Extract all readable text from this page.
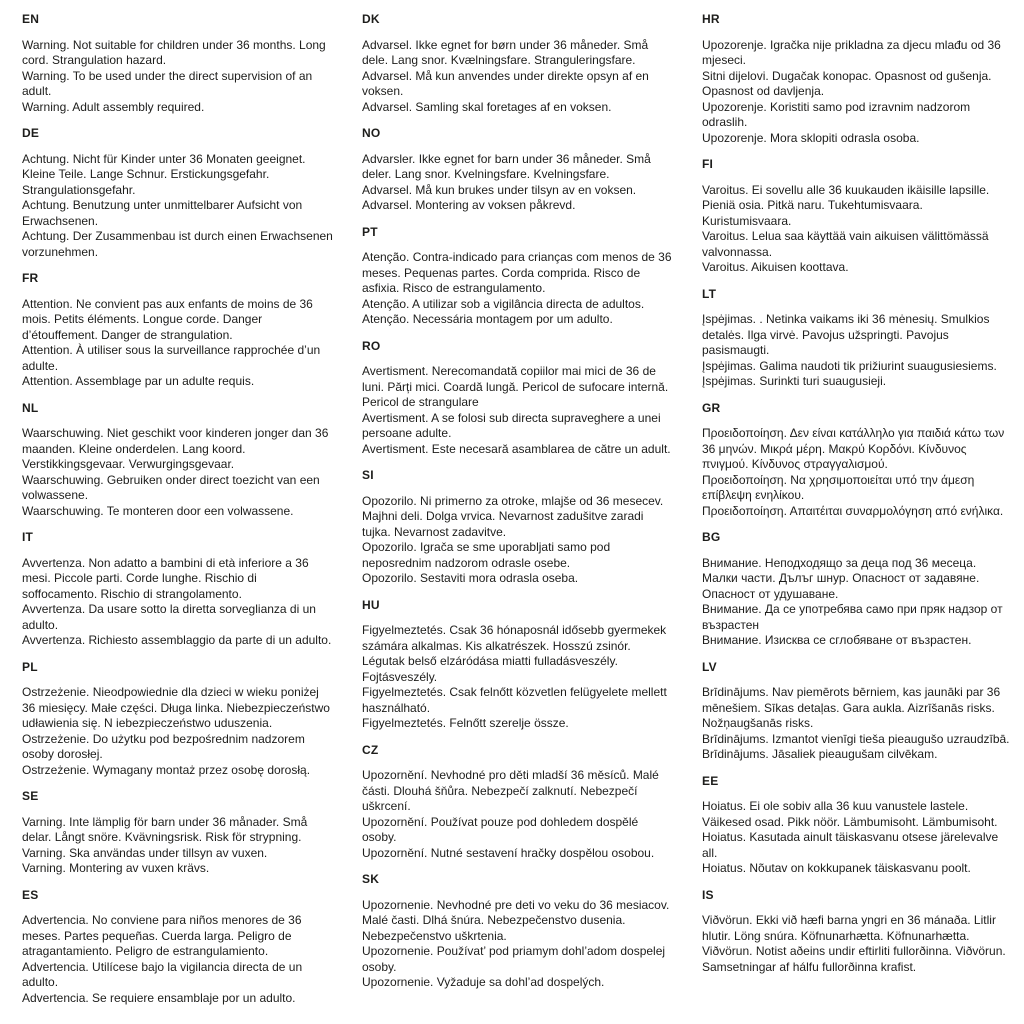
EN

Warning. Not suitable for children under 36 months. Long cord. Strangulation hazard.

Warning. To be used under the direct supervision of an adult.

Warning. Adult assembly required.

DE

Achtung. Nicht für Kinder unter 36 Monaten geeignet. Kleine Teile. Lange Schnur. Erstickungsgefahr. Strangulationsgefahr.

Achtung. Benutzung unter unmittelbarer Aufsicht von Erwachsenen.

Achtung. Der Zusammenbau ist durch einen Erwachsenen vorzunehmen.

FR

Attention. Ne convient pas aux enfants de moins de 36 mois. Petits éléments. Longue corde. Danger d’étouffement. Danger de strangulation.

Attention. À utiliser sous la surveillance rapprochée d’un adulte.

Attention. Assemblage par un adulte requis.

NL

Waarschuwing. Niet geschikt voor kinderen jonger dan 36 maanden. Kleine onderdelen. Lang koord. Verstikkingsgevaar. Verwurgingsgevaar.

Waarschuwing. Gebruiken onder direct toezicht van een volwassene.

Waarschuwing. Te monteren door een volwassene.

IT

Avvertenza. Non adatto a bambini di età inferiore a 36 mesi. Piccole parti. Corde lunghe. Rischio di soffocamento. Rischio di strangolamento.

Avvertenza. Da usare sotto la diretta sorveglianza di un adulto.

Avvertenza. Richiesto assemblaggio da parte di un adulto.

PL

Ostrzeżenie. Nieodpowiednie dla dzieci w wieku poniżej 36 miesięcy. Małe części. Długa linka. Niebezpieczeństwo udławienia się. N iebezpieczeństwo uduszenia.

Ostrzeżenie. Do użytku pod bezpośrednim nadzorem osoby dorosłej.

Ostrzeżenie. Wymagany montaż przez osobę dorosłą.

SE

Varning. Inte lämplig för barn under 36 månader. Små delar. Långt snöre. Kvävningsrisk. Risk för strypning.

Varning. Ska användas under tillsyn av vuxen.

Varning. Montering av vuxen krävs.

ES

Advertencia. No conviene para niños menores de 36 meses. Partes pequeñas. Cuerda larga. Peligro de atragantamiento. Peligro de estrangulamiento.

Advertencia. Utilícese bajo la vigilancia directa de un adulto.

Advertencia. Se requiere ensamblaje por un adulto.

DK

Advarsel. Ikke egnet for børn under 36 måneder. Små dele. Lang snor. Kvælningsfare. Stranguleringsfare.

Advarsel. Må kun anvendes under direkte opsyn af en voksen.

Advarsel. Samling skal foretages af en voksen.

NO

Advarsler. Ikke egnet for barn under 36 måneder. Små deler. Lang snor. Kvelningsfare. Kvelningsfare.

Advarsel. Må kun brukes under tilsyn av en voksen.

Advarsel. Montering av voksen påkrevd.

PT

Atenção. Contra-indicado para crianças com menos de 36 meses. Pequenas partes. Corda comprida. Risco de asfixia. Risco de estrangulamento.

Atenção. A utilizar sob a vigilância directa de adultos. Atenção. Necessária montagem por um adulto.

RO

Avertisment. Nerecomandată copiilor mai mici de 36 de luni. Părți mici. Coardă lungă. Pericol de sufocare internă. Pericol de strangulare

Avertisment. A se folosi sub directa supraveghere a unei persoane adulte.

Avertisment. Este necesară asamblarea de către un adult.

SI

Opozorilo. Ni primerno za otroke, mlajše od 36 mesecev. Majhni deli. Dolga vrvica. Nevarnost zadušitve zaradi tujka. Nevarnost zadavitve.

Opozorilo. Igrača se sme uporabljati samo pod neposrednim nadzorom odrasle osebe.

Opozorilo. Sestaviti mora odrasla oseba.

HU

Figyelmeztetés. Csak 36 hónaposnál idősebb gyermekek számára alkalmas. Kis alkatrészek. Hosszú zsinór. Légutak belső elzáródása miatti fulladásveszély. Fojtásveszély.

Figyelmeztetés. Csak felnőtt közvetlen felügyelete mellett használható.

Figyelmeztetés. Felnőtt szerelje össze.

CZ

Upozornění. Nevhodné pro děti mladší 36 měsíců. Malé části. Dlouhá šňůra. Nebezpečí zalknutí. Nebezpečí uškrcení.

Upozornění. Používat pouze pod dohledem dospělé osoby.

Upozornění. Nutné sestavení hračky dospělou osobou.

SK

Upozornenie. Nevhodné pre deti vo veku do 36 mesiacov. Malé časti. Dlhá šnúra. Nebezpečenstvo dusenia. Nebezpečenstvo uškrtenia.

Upozornenie. Používat’ pod priamym dohl’adom dospelej osoby.

Upozornenie. Vyžaduje sa dohl’ad dospelých.

HR

Upozorenje. Igračka nije prikladna za djecu mlađu od 36 mjeseci.

Sitni dijelovi. Dugačak konopac. Opasnost od gušenja. Opasnost od davljenja.

Upozorenje. Koristiti samo pod izravnim nadzorom odraslih.

Upozorenje. Mora sklopiti odrasla osoba.

FI

Varoitus. Ei sovellu alle 36 kuukauden ikäisille lapsille. Pieniä osia. Pitkä naru. Tukehtumisvaara. Kuristumisvaara.

Varoitus. Lelua saa käyttää vain aikuisen välittömässä valvonnassa.

Varoitus. Aikuisen koottava.

LT

Įspėjimas. . Netinka vaikams iki 36 mėnesių. Smulkios detalės. Ilga virvė. Pavojus užspringti. Pavojus pasismaugti.

Įspėjimas. Galima naudoti tik prižiurint suaugusiesiems.

Įspėjimas. Surinkti turi suaugusieji.

GR

Προειδοποίηση. Δεν είναι κατάλληλο για παιδιά κάτω των 36 μηνών. Μικρά μέρη. Μακρύ Κορδόνι. Κίνδυνος πνιγμού. Κίνδυνος στραγγαλισμού.

Προειδοποίηση. Να χρησιμοποιείται υπό την άμεση επίβλεψη ενηλίκου.

Προειδοποίηση. Απαιτέιται συναρμολόγηση από ενήλικα.

BG

Внимание. Неподходящо за деца под 36 месеца. Малки части. Дълъг шнур. Опасност от задавяне. Опасност от удушаване.

Внимание. Да се употребява само при пряк надзор от възрастен

Внимание. Изисква се сглобяване от възрастен.

LV

Brīdinājums. Nav piemērots bērniem, kas jaunāki par 36 mēnešiem. Sīkas detaļas. Gara aukla. Aizrīšanās risks. Nožņaugšanās risks.

Brīdinājums. Izmantot vienīgi tieša pieaugušo uzraudzībā.

Brīdinājums. Jāsaliek pieaugušam cilvēkam.

EE

Hoiatus. Ei ole sobiv alla 36 kuu vanustele lastele. Väikesed osad. Pikk nöör. Lämbumisoht. Lämbumisoht.

Hoiatus. Kasutada ainult täiskasvanu otsese järelevalve all.

Hoiatus. Nõutav on kokkupanek täiskasvanu poolt.

IS

Viðvörun. Ekki við hæfi barna yngri en 36 mánaða. Litlir hlutir. Löng snúra. Köfnunarhætta. Köfnunarhætta.

Viðvörun. Notist aðeins undir eftirliti fullorðinna. Viðvörun. Samsetningar af hálfu fullorðinna krafist.
